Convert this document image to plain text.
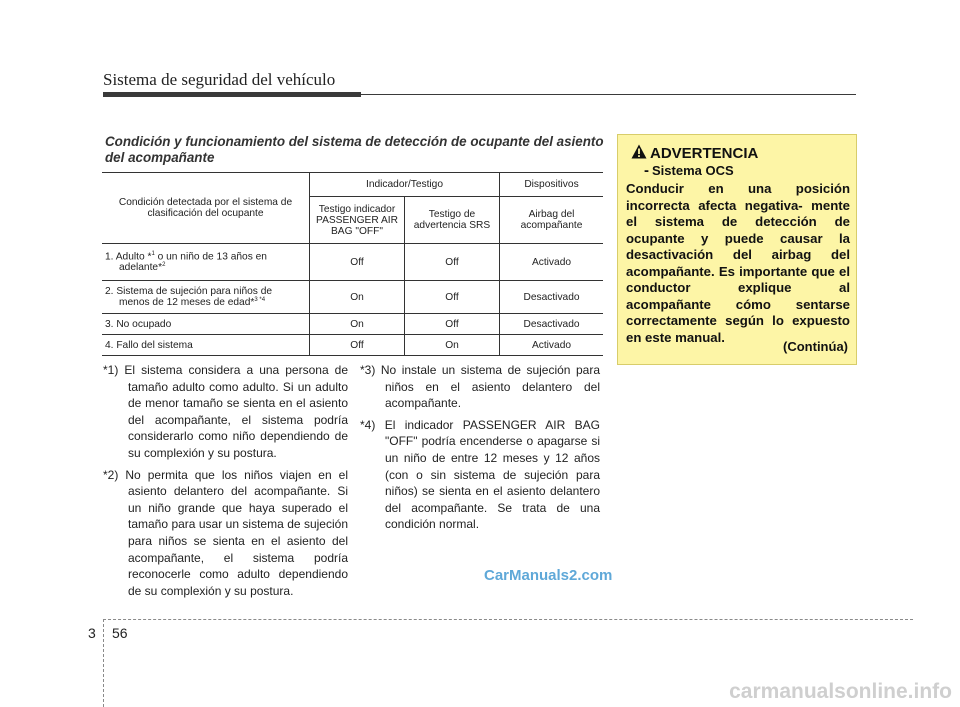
Sistema de seguridad del vehículo
Condición y funcionamiento del sistema de detección de ocupante del asiento del acompañante
Condición detectada por el sistema de clasificación del ocupante	Indicador/Testigo		Dispositivos
	Testigo indicador PASSENGER AIR BAG "OFF"	Testigo de advertencia SRS	Airbag del acompañante
1. Adulto *$^1$ o un niño de 13 años en
adelante*$^2$	Off	Off	Activado
2. Sistema de sujeción para niños de
menos de 12 meses de edad*$^3$ $^{*4}$	On	Off	Desactivado
3. No ocupado	On	Off	Desactivado
4. Fallo del sistema	Off	On	Activado

*1) El sistema considera a una persona de tamaño adulto como adulto. Si un adulto de menor tamaño se sienta en el asiento del acompañante, el sistema podría considerarlo como niño dependiendo de su complexión y su postura.

*2) No permita que los niños viajen en el asiento delantero del acompañante. Si un niño grande que haya superado el tamaño para usar un sistema de sujeción para niños se sienta en el asiento del acompañante, el sistema podría reconocerle como adulto dependiendo de su complexión y su postura.

*3) No instale un sistema de sujeción para niños en el asiento delantero del acompañante.

*4) El indicador PASSENGER AIR BAG "OFF" podría encenderse o apagarse si un niño de entre 12 meses y 12 años (con o sin sistema de sujeción para niños) se sienta en el asiento delantero del acompañante. Se trata de una condición normal.

ADVERTENCIA
- Sistema OCS
Conducir en una posición incorrecta afecta negativa- mente el sistema de detección de ocupante y puede causar la desactivación del airbag del acompañante. Es importante que el conductor explique al acompañante cómo sentarse correctamente según lo expuesto en este manual.
(Continúa)
CarManuals2.com
3 56
carmanualsonline.info
